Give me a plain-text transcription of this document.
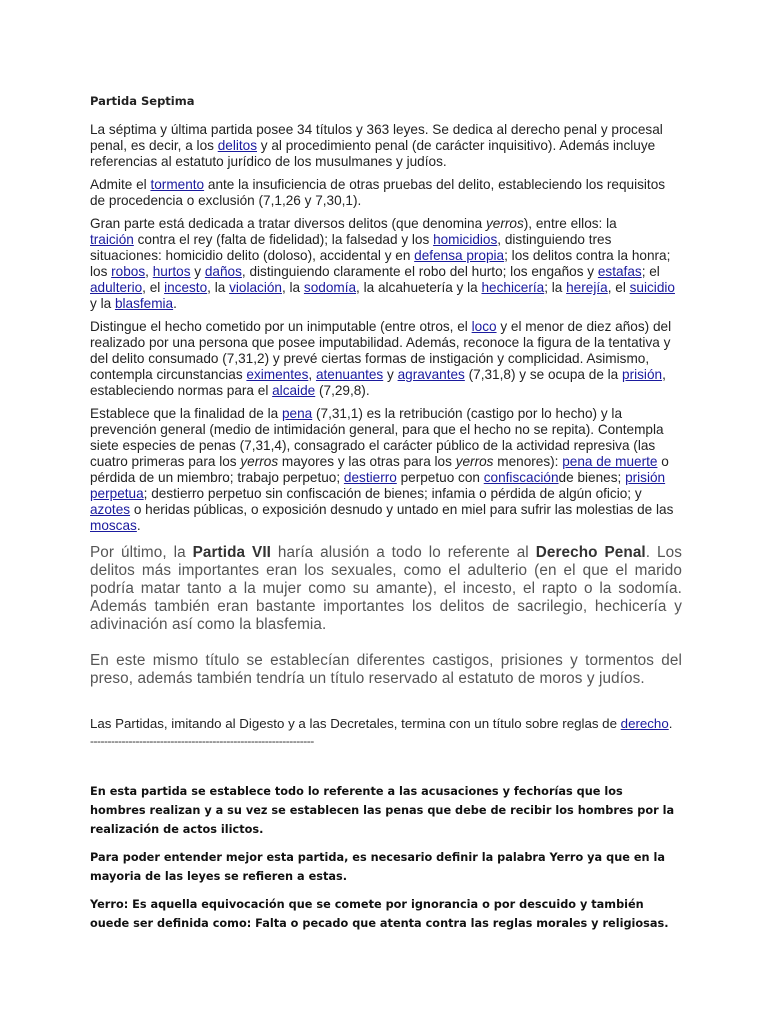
Partida Septima

La séptima y última partida posee 34 títulos y 363 leyes. Se dedica al derecho penal y procesal penal, es decir, a los delitos y al procedimiento penal (de carácter inquisitivo). Además incluye referencias al estatuto jurídico de los musulmanes y judíos.

Admite el tormento ante la insuficiencia de otras pruebas del delito, estableciendo los requisitos de procedencia o exclusión (7,1,26 y 7,30,1).

Gran parte está dedicada a tratar diversos delitos (que denomina yerros), entre ellos: la
traición contra el rey (falta de fidelidad); la falsedad y los homicidios, distinguiendo tres situaciones: homicidio delito (doloso), accidental y en defensa propia; los delitos contra la honra; los robos, hurtos y daños, distinguiendo claramente el robo del hurto; los engaños y estafas; el adulterio, el incesto, la violación, la sodomía, la alcahuetería y la hechicería; la herejía, el suicidio y la blasfemia.

Distingue el hecho cometido por un inimputable (entre otros, el loco y el menor de diez años) del realizado por una persona que posee imputabilidad. Además, reconoce la figura de la tentativa y del delito consumado (7,31,2) y prevé ciertas formas de instigación y complicidad. Asimismo, contempla circunstancias eximentes, atenuantes y agravantes (7,31,8) y se ocupa de la prisión, estableciendo normas para el alcaide (7,29,8).

Establece que la finalidad de la pena (7,31,1) es la retribución (castigo por lo hecho) y la prevención general (medio de intimidación general, para que el hecho no se repita). Contempla siete especies de penas (7,31,4), consagrado el carácter público de la actividad represiva (las cuatro primeras para los yerros mayores y las otras para los yerros menores): pena de muerte o pérdida de un miembro; trabajo perpetuo; destierro perpetuo con confiscaciónde bienes; prisión perpetua; destierro perpetuo sin confiscación de bienes; infamia o pérdida de algún oficio; y azotes o heridas públicas, o exposición desnudo y untado en miel para sufrir las molestias de las moscas.

Por último, la Partida VII haría alusión a todo lo referente al Derecho Penal. Los delitos más importantes eran los sexuales, como el adulterio (en el que el marido podría matar tanto a la mujer como su amante), el incesto, el rapto o la sodomía. Además también eran bastante importantes los delitos de sacrilegio, hechicería y adivinación así como la blasfemia.

En este mismo título se establecían diferentes castigos, prisiones y tormentos del preso, además también tendría un título reservado al estatuto de moros y judíos.

Las Partidas, imitando al Digesto y a las Decretales, termina con un título sobre reglas de derecho.

----------------------------------------------------------------

En esta partida se establece todo lo referente a las acusaciones y fechorías que los hombres realizan y a su vez se establecen las penas que debe de recibir los hombres por la realización de actos ilictos.

Para poder entender mejor esta partida, es necesario definir la palabra Yerro ya que en la mayoria de las leyes se refieren a estas.

Yerro: Es aquella equivocación que se comete por ignorancia o por descuido y también ouede ser definida como: Falta o pecado que atenta contra las reglas morales y religiosas.
